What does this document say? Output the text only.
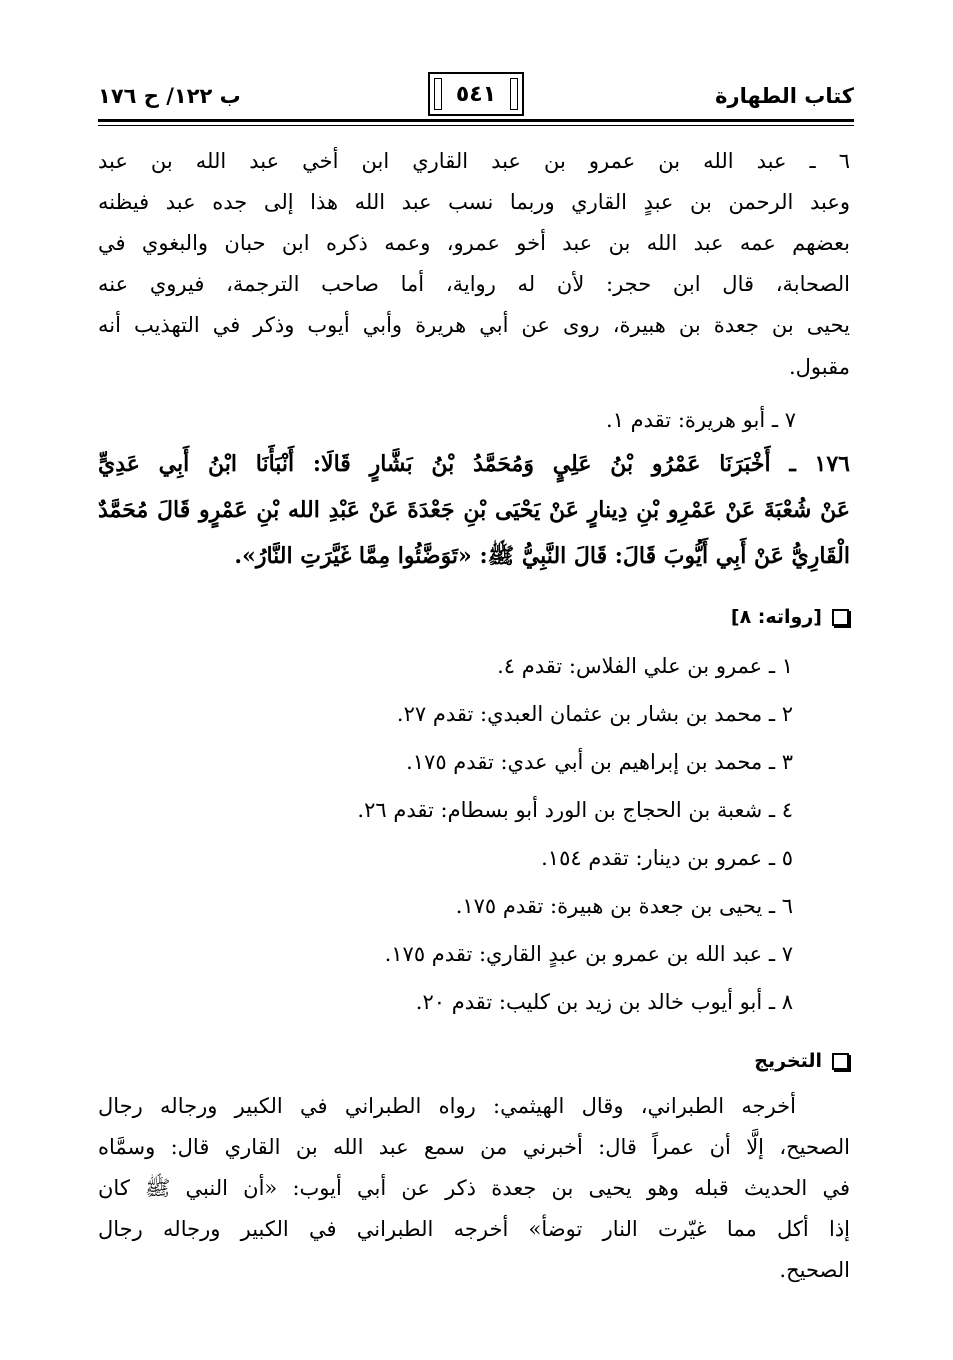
كتاب الطهارة
٥٤١
ب ١٢٢/ ح ١٧٦
٦ ـ عبد الله بن عمرو بن عبد القاري ابن أخي عبد الله بن عبد
وعبد الرحمن بن عبدٍ القاري وربما نسب عبد الله هذا إلى جده عبد فيظنه
بعضهم عمه عبد الله بن عبد أخو عمرو، وعمه ذكره ابن حبان والبغوي في
الصحابة، قال ابن حجر: لأن له رواية، أما صاحب الترجمة، فيروي عنه
يحيى بن جعدة بن هبيرة، روى عن أبي هريرة وأبي أيوب وذكر في التهذيب أنه
مقبول.
٧ ـ أبو هريرة: تقدم ١.
١٧٦ ـ أَخْبَرَنَا عَمْرُو بْنُ عَلِيٍ وَمُحَمَّدُ بْنُ بَشَّارٍ قَالَا: أَنْبَأَنَا ابْنُ أَبِي عَدِيٍّ
عَنْ شُعْبَةَ عَنْ عَمْرِو بْنِ دِينارٍ عَنْ يَحْيَى بْنِ جَعْدَةَ عَنْ عَبْدِ الله بْنِ عَمْرٍو قَالَ مُحَمَّدٌ
الْقَارِيُّ عَنْ أَبِي أَيُّوبَ قَالَ: قَالَ النَّبِيُّ ﷺ: «تَوَضَّئُوا مِمَّا غَيَّرَتِ النَّارُ».
[رواته: ٨]
١ ـ عمرو بن علي الفلاس: تقدم ٤.
٢ ـ محمد بن بشار بن عثمان العبدي: تقدم ٢٧.
٣ ـ محمد بن إبراهيم بن أبي عدي: تقدم ١٧٥.
٤ ـ شعبة بن الحجاج بن الورد أبو بسطام: تقدم ٢٦.
٥ ـ عمرو بن دينار: تقدم ١٥٤.
٦ ـ يحيى بن جعدة بن هبيرة: تقدم ١٧٥.
٧ ـ عبد الله بن عمرو بن عبدٍ القاري: تقدم ١٧٥.
٨ ـ أبو أيوب خالد بن زيد بن كليب: تقدم ٢٠.
التخريج
أخرجه الطبراني، وقال الهيثمي: رواه الطبراني في الكبير ورجاله رجال
الصحيح، إلَّا أن عمراً قال: أخبرني من سمع عبد الله بن القاري قال: وسمَّاه
في الحديث قبله وهو يحيى بن جعدة ذكر عن أبي أيوب: «أن النبي ﷺ كان
إذا أكل مما غيّرت النار توضأ» أخرجه الطبراني في الكبير ورجاله رجال
الصحيح.
